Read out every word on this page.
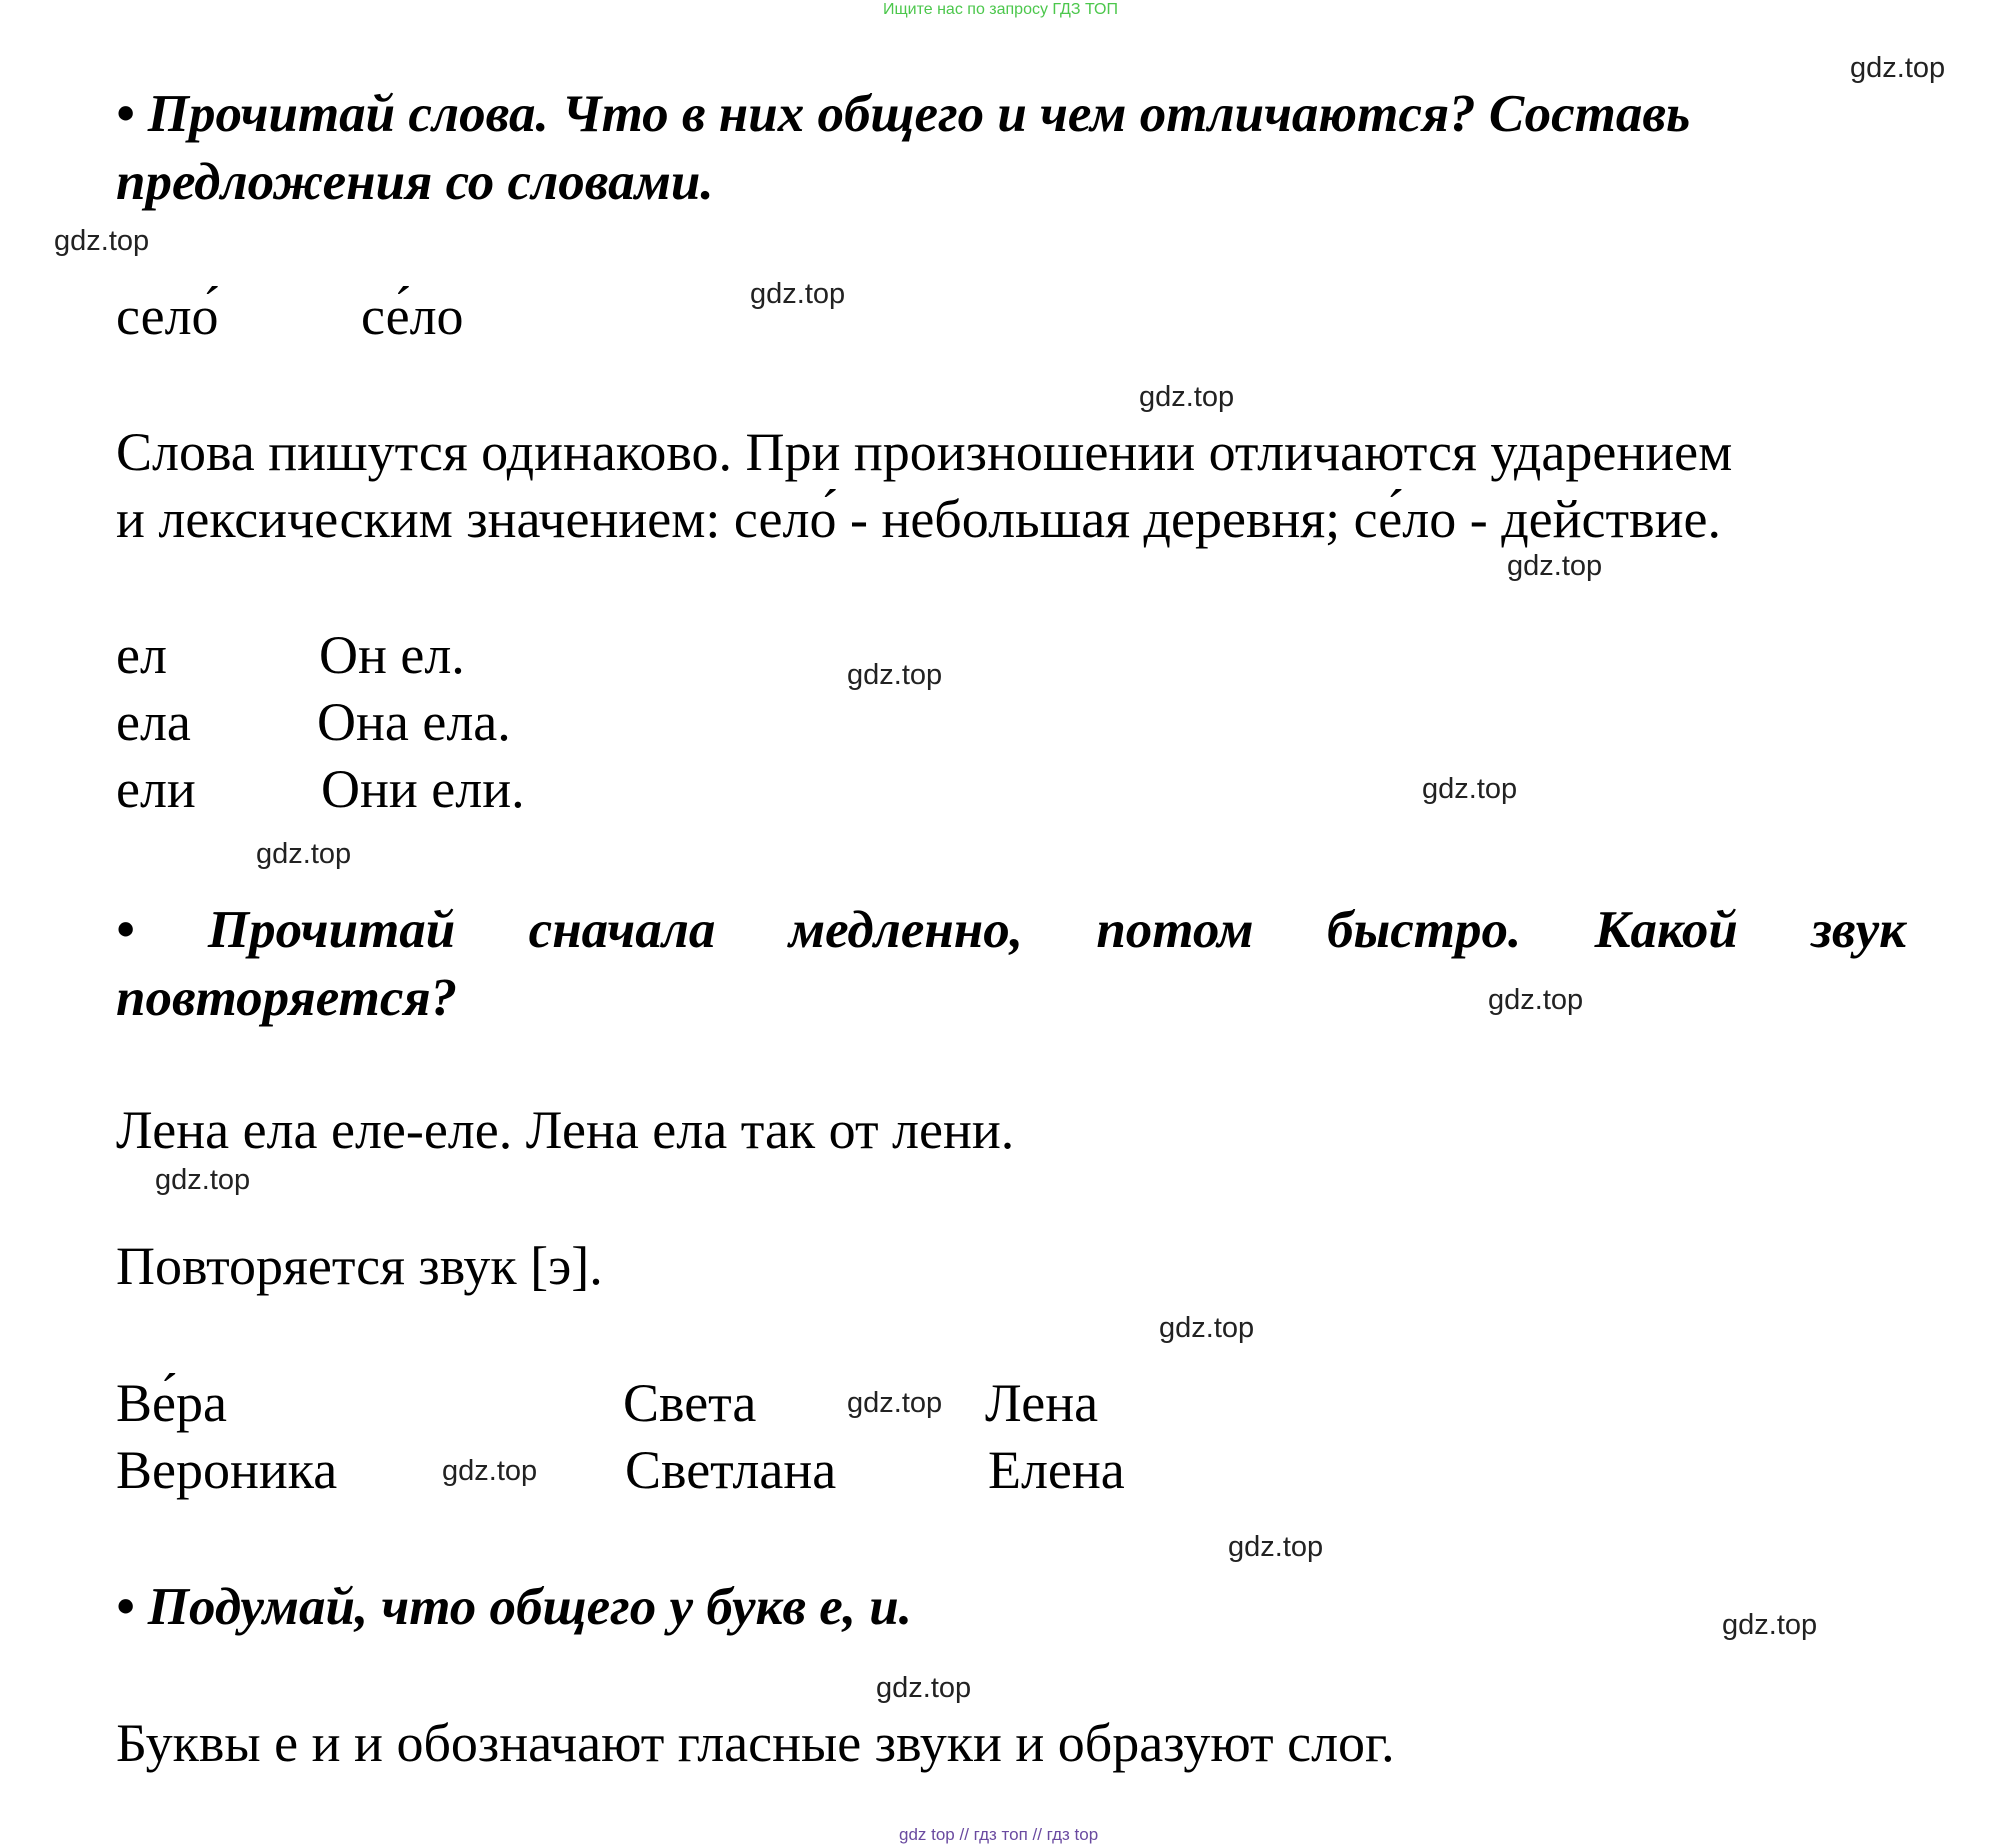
Ищите нас по запросу ГДЗ ТОП
• Прочитай слова. Что в них общего и чем отличаются? Составь
предложения со словами.
село́	се́ло
Слова пишутся одинаково. При произношении отличаются ударением
и лексическим значением: село́ - небольшая деревня; се́ло - действие.
ел	Он ел.
ела Она ела.
ели Они ели.
• Прочитай сначала медленно, потом быстро. Какой звук
повторяется?
Лена ела еле-еле. Лена ела так от лени.
Повторяется звук [э].
Ве́ра
Вероника
Света
Светлана
Лена
Елена
• Подумай, что общего у букв е, и.
Буквы е и и обозначают гласные звуки и образуют слог.
gdz.top
gdz.top
gdz.top
gdz.top
gdz.top
gdz.top
gdz.top
gdz.top
gdz.top
gdz.top
gdz.top
gdz.top
gdz.top
gdz.top
gdz.top
gdz.top
gdz top // гдз топ // гдз top
